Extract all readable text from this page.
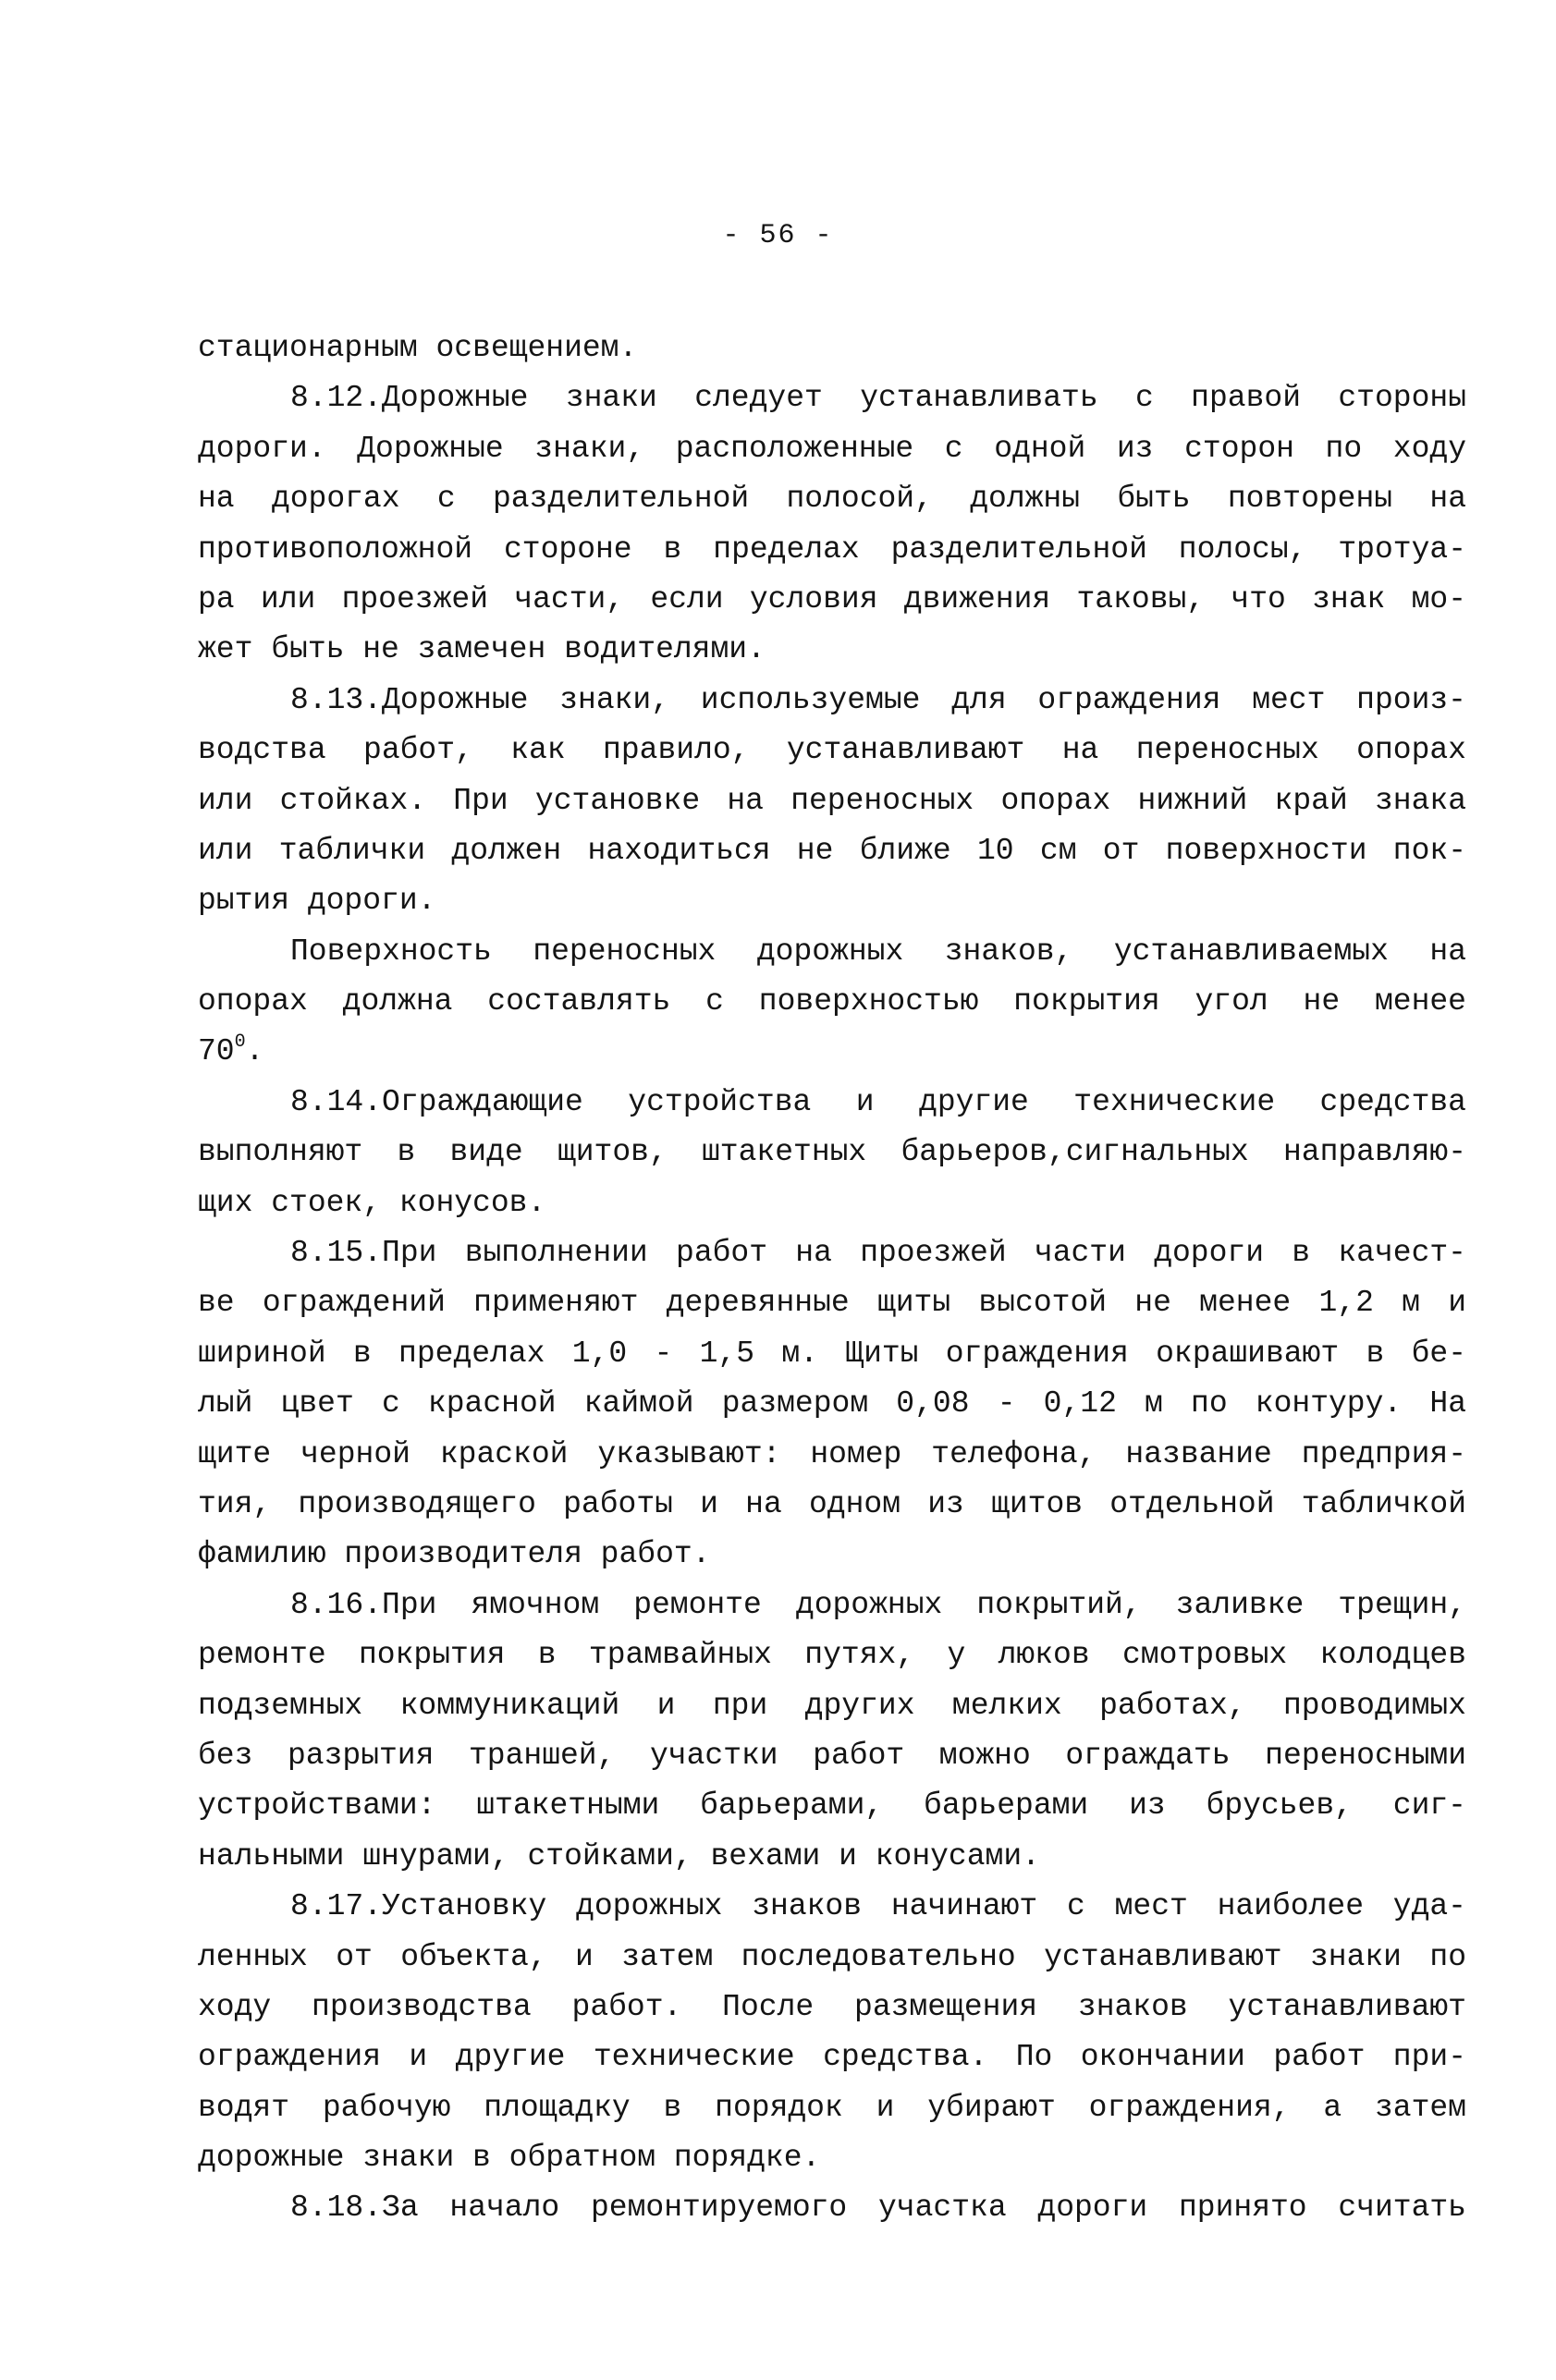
- 56 -
стационарным освещением.
8.12.Дорожные знаки следует устанавливать с правой стороны
дороги. Дорожные знаки, расположенные с одной из сторон по ходу
на дорогах с разделительной полосой, должны быть повторены на
противоположной стороне в пределах разделительной полосы, тротуа-
ра или проезжей части, если условия движения таковы, что знак мо-
жет быть не замечен водителями.
8.13.Дорожные знаки, используемые для ограждения мест произ-
водства работ, как правило, устанавливают на переносных опорах
или стойках. При установке на переносных опорах нижний край знака
или таблички должен находиться не ближе 10 см от поверхности пок-
рытия дороги.
Поверхность переносных дорожных знаков, устанавливаемых на
опорах должна составлять с поверхностью покрытия угол не менее
$70^0$.
8.14.Ограждающие устройства и другие технические средства
выполняют в виде щитов, штакетных барьеров,сигнальных направляю-
щих стоек, конусов.
8.15.При выполнении работ на проезжей части дороги в качест-
ве ограждений применяют деревянные щиты высотой не менее 1,2 м и
шириной в пределах 1,0 - 1,5 м. Щиты ограждения окрашивают в бе-
лый цвет с красной каймой размером 0,08 - 0,12 м по контуру. На
щите черной краской указывают: номер телефона, название предприя-
тия, производящего работы и на одном из щитов отдельной табличкой
фамилию производителя работ.
8.16.При ямочном ремонте дорожных покрытий, заливке трещин,
ремонте покрытия в трамвайных путях, у люков смотровых колодцев
подземных коммуникаций и при других мелких работах, проводимых
без разрытия траншей, участки работ можно ограждать переносными
устройствами: штакетными барьерами, барьерами из брусьев, сиг-
нальными шнурами, стойками, вехами и конусами.
8.17.Установку дорожных знаков начинают с мест наиболее уда-
ленных от объекта, и затем последовательно устанавливают знаки по
ходу производства работ. После размещения знаков устанавливают
ограждения и другие технические средства. По окончании работ при-
водят рабочую площадку в порядок и убирают ограждения, а затем
дорожные знаки в обратном порядке.
8.18.За начало ремонтируемого участка дороги принято считать
